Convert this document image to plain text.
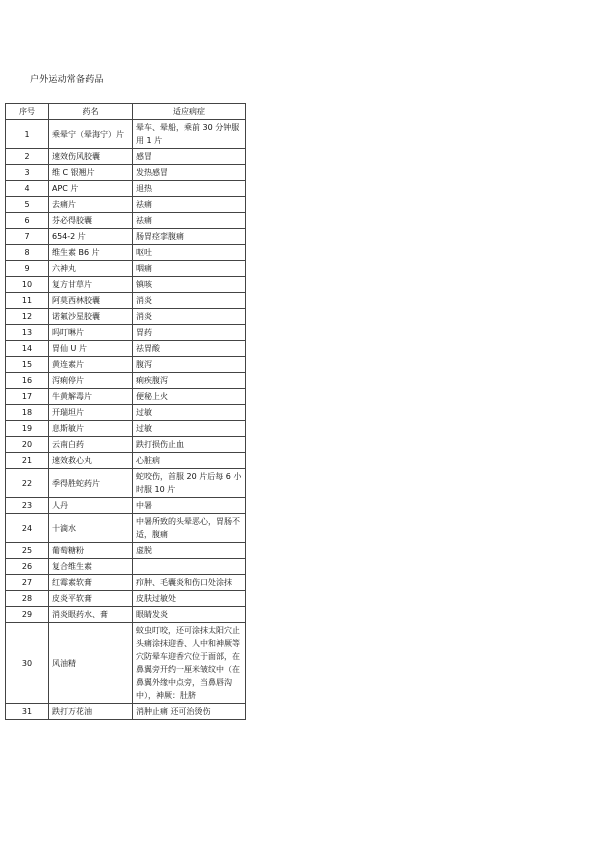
户外运动常备药品
序号	药名	适应病症
1	乘晕宁（晕海宁）片	晕车、晕船，乘前 30 分钟服用 1 片
2	速效伤风胶囊	感冒
3	维 C 银翘片	发热感冒
4	APC 片	退热
5	去痛片	祛痛
6	芬必得胶囊	祛痛
7	654-2 片	肠胃痉挛腹痛
8	维生素 B6 片	呕吐
9	六神丸	咽痛
10	复方甘草片	镇咳
11	阿莫西林胶囊	消炎
12	诺氟沙星胶囊	消炎
13	吗叮啉片	胃药
14	胃仙 U 片	祛胃酸
15	黄连素片	腹泻
16	泻痢停片	痢疾腹泻
17	牛黄解毒片	便秘上火
18	开瑞坦片	过敏
19	息斯敏片	过敏
20	云南白药	跌打损伤止血
21	速效救心丸	心脏病
22	季得胜蛇药片	蛇咬伤，首服 20 片后每 6 小时服 10 片
23	人丹	中暑
24	十滴水	中暑所致的头晕恶心，胃肠不适，腹痛
25	葡萄糖粉	虚脱
26	复合维生素	
27	红霉素软膏	疖肿、毛囊炎和伤口处涂抹
28	皮炎平软膏	皮肤过敏处
29	消炎眼药水、膏	眼睛发炎
30	风油精	蚊虫叮咬，还可涂抹太阳穴止头痛涂抹迎香、人中和神厥等穴防晕车迎香穴位于面部，在鼻翼旁开约一厘米皱纹中（在鼻翼外缘中点旁，当鼻唇沟中），神厥：肚脐
31	跌打万花油	消肿止痛 还可治烫伤
